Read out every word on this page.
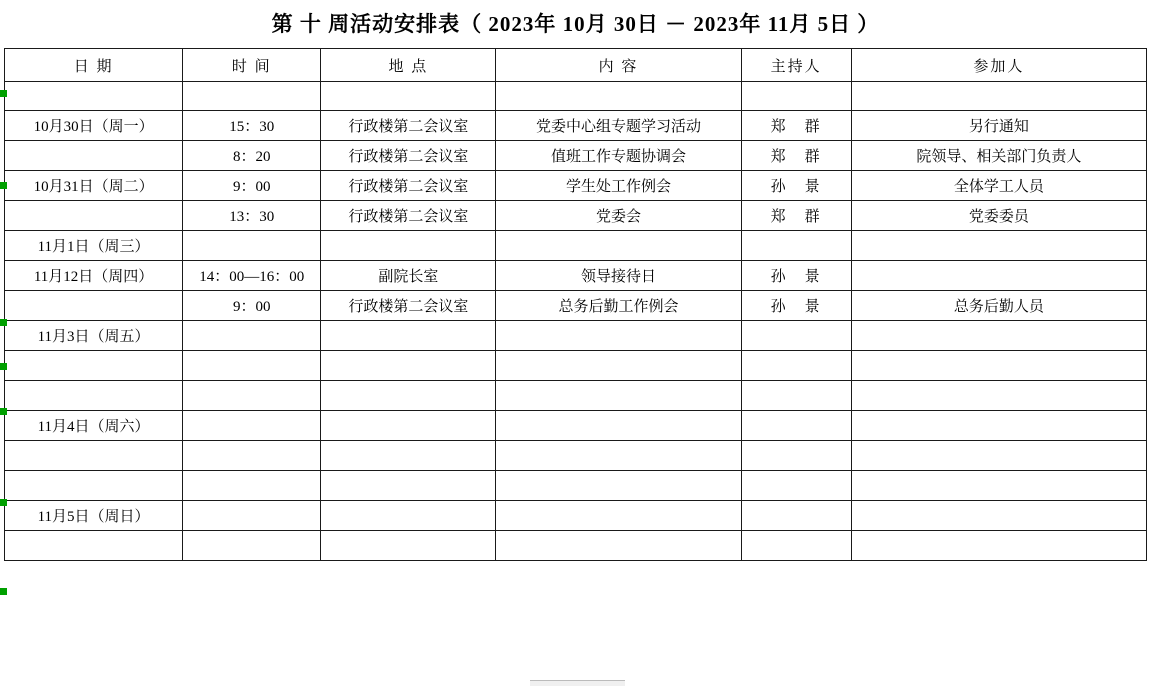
第 十 周活动安排表（ 2023年 10月 30日 － 2023年 11月 5日 ）
日 期	时 间	地 点	内 容	主持人	参加人

10月30日（周一）	15：30	行政楼第二会议室	党委中心组专题学习活动	郑　群	另行通知
	8：20	行政楼第二会议室	值班工作专题协调会	郑　群	院领导、相关部门负责人
10月31日（周二）	9：00	行政楼第二会议室	学生处工作例会	孙　景	全体学工人员
	13：30	行政楼第二会议室	党委会	郑　群	党委委员
11月1日（周三）					
11月12日（周四）	14：00—16：00	副院长室	领导接待日	孙　景	
	9：00	行政楼第二会议室	总务后勤工作例会	孙　景	总务后勤人员
11月3日（周五）					

11月4日（周六）					

11月5日（周日）					
